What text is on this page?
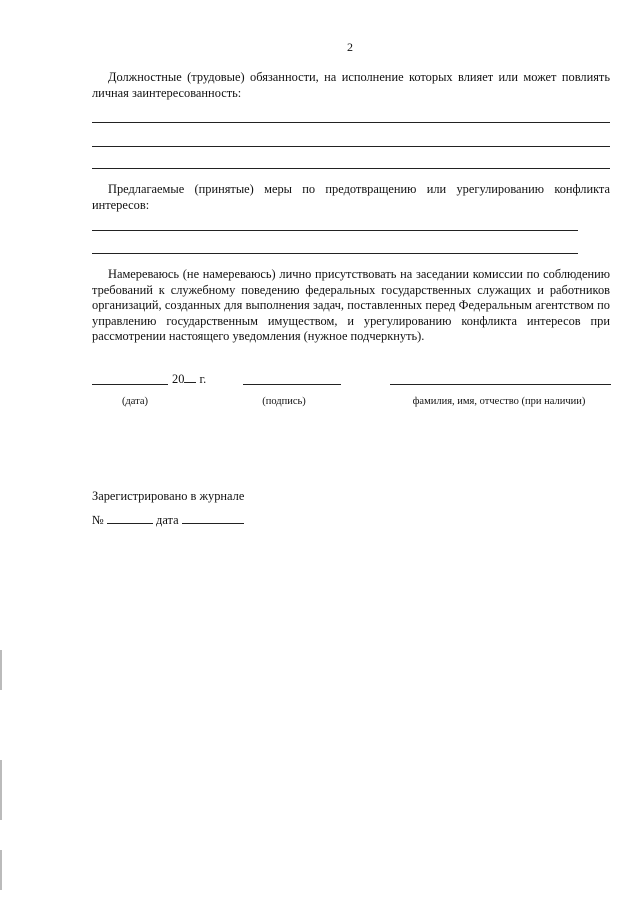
2
Должностные (трудовые) обязанности, на исполнение которых влияет или может повлиять личная заинтересованность:
Предлагаемые (принятые) меры по предотвращению или урегулированию конфликта интересов:
Намереваюсь (не намереваюсь) лично присутствовать на заседании комиссии по соблюдению требований к служебному поведению федеральных государственных служащих и работников организаций, созданных для выполнения задач, поставленных перед Федеральным агентством по управлению государственным имуществом, и урегулированию конфликта интересов при рассмотрении настоящего уведомления (нужное подчеркнуть).
20 г.
(дата)	(подпись)	фамилия, имя, отчество (при наличии)
Зарегистрировано в журнале
№	дата
